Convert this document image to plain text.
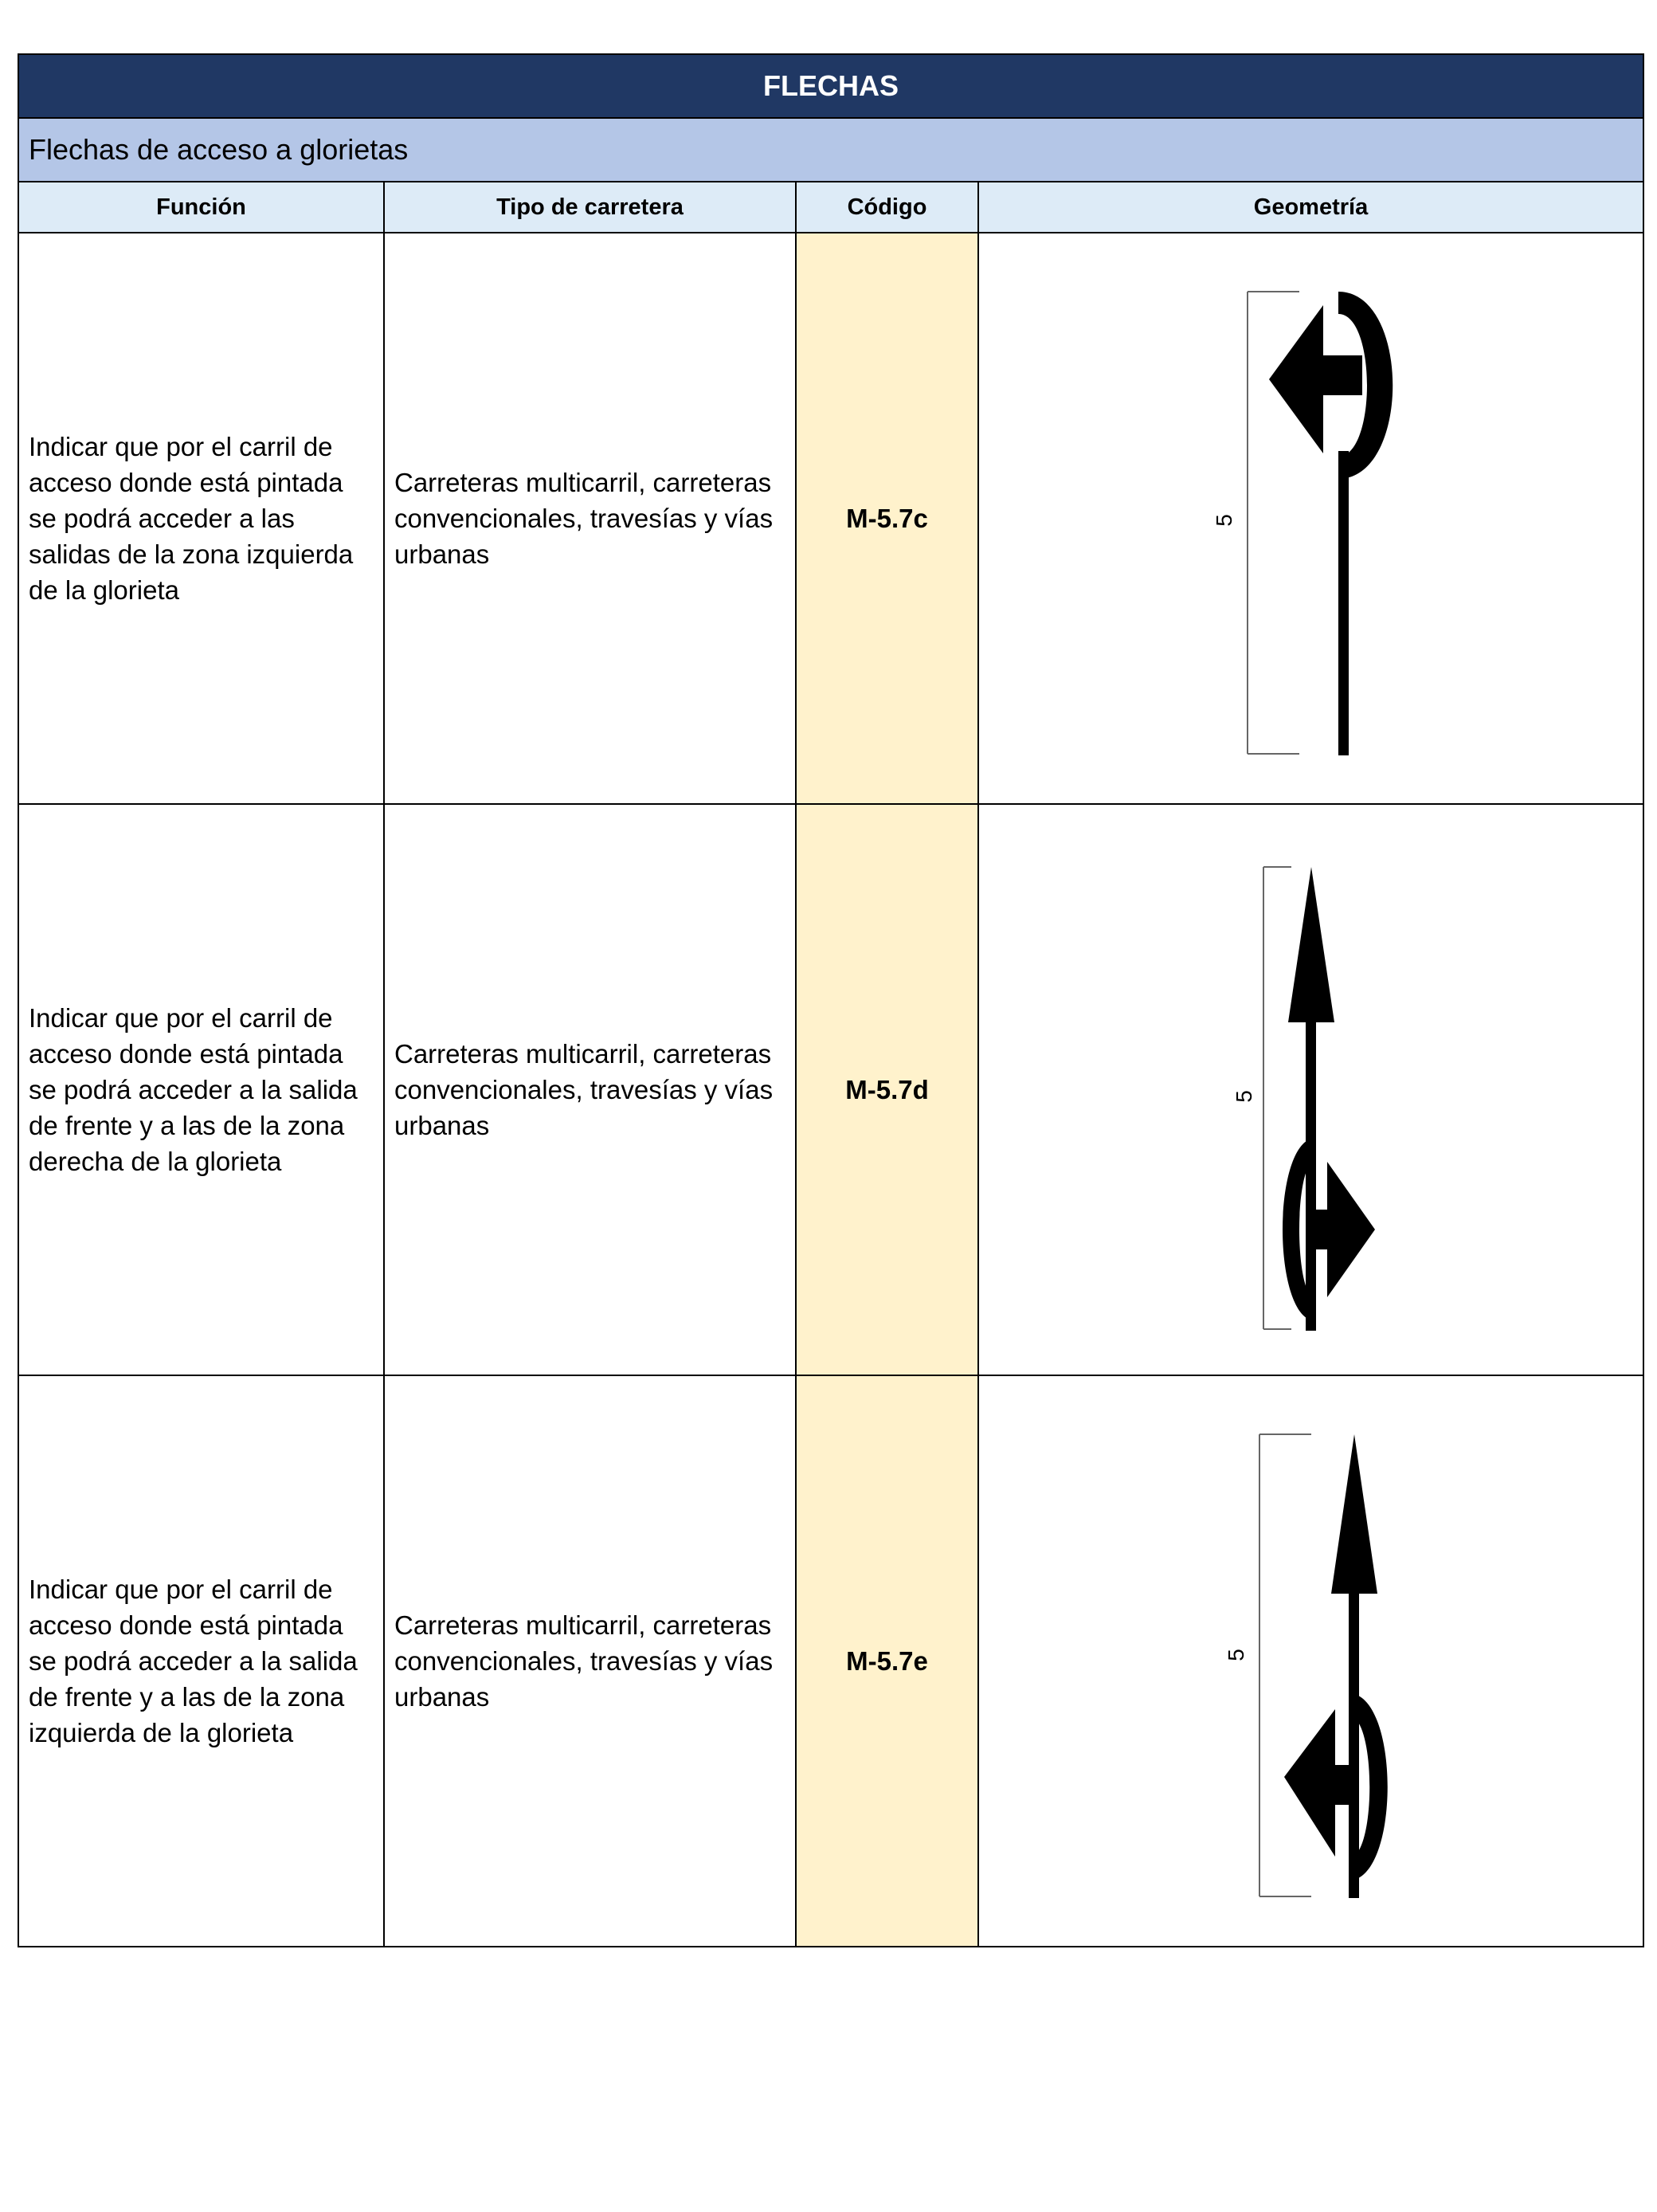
FLECHAS			
Flechas de acceso a glorietas			
Función	Tipo de carretera	Código	Geometría
Indicar que por el carril de acceso donde está pintada se podrá acceder a las salidas de la zona izquierda de la glorieta	Carreteras multicarril, carreteras convencionales, travesías y vías urbanas	M-5.7c	5

Indicar que por el carril de acceso donde está pintada se podrá acceder a la salida de frente y a las de la zona derecha de la glorieta	Carreteras multicarril, carreteras convencionales, travesías y vías urbanas	M-5.7d	5

Indicar que por el carril de acceso donde está pintada se podrá acceder a la salida de frente y a las de la zona izquierda de la glorieta	Carreteras multicarril, carreteras convencionales, travesías y vías urbanas	M-5.7e	5
